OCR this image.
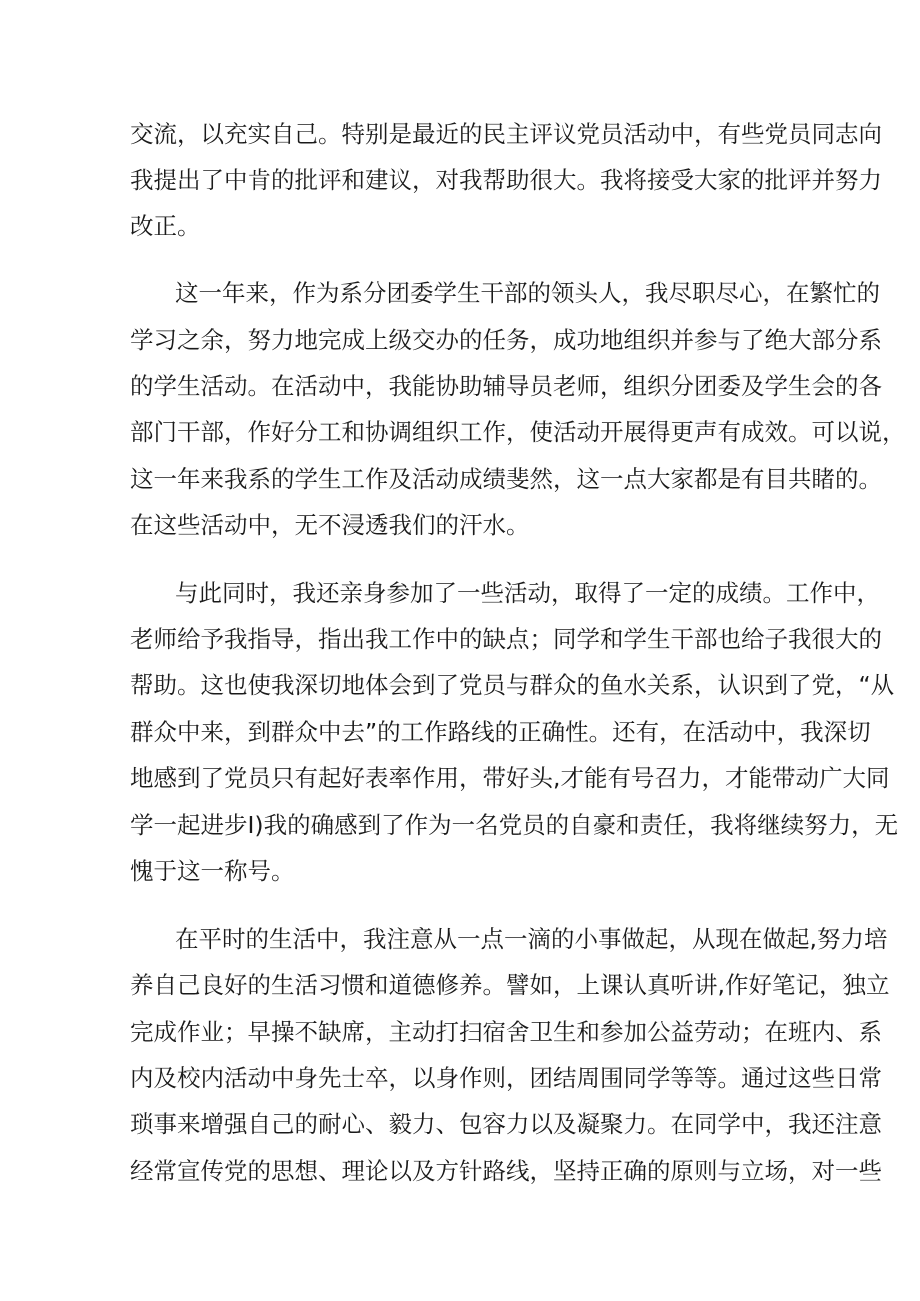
交流，以充实自己。特别是最近的民主评议党员活动中，有些党员同志向
我提出了中肯的批评和建议，对我帮助很大。我将接受大家的批评并努力
改正。
这一年来，作为系分团委学生干部的领头人，我尽职尽心，在繁忙的
学习之余，努力地完成上级交办的任务，成功地组织并参与了绝大部分系
的学生活动。在活动中，我能协助辅导员老师，组织分团委及学生会的各
部门干部，作好分工和协调组织工作，使活动开展得更声有成效。可以说，
这一年来我系的学生工作及活动成绩斐然，这一点大家都是有目共睹的。
在这些活动中，无不浸透我们的汗水。
与此同时，我还亲身参加了一些活动，取得了一定的成绩。工作中，
老师给予我指导，指出我工作中的缺点；同学和学生干部也给子我很大的
帮助。这也使我深切地体会到了党员与群众的鱼水关系，认识到了党，“从
群众中来，到群众中去”的工作路线的正确性。还有，在活动中，我深切
地感到了党员只有起好表率作用，带好头,才能有号召力，才能带动广大同
学一起进步I)我的确感到了作为一名党员的自豪和责任，我将继续努力，无
愧于这一称号。
在平时的生活中，我注意从一点一滴的小事做起，从现在做起,努力培
养自己良好的生活习惯和道德修养。譬如，上课认真听讲,作好笔记，独立
完成作业；早操不缺席，主动打扫宿舍卫生和参加公益劳动；在班内、系
内及校内活动中身先士卒，以身作则，团结周围同学等等。通过这些日常
琐事来增强自己的耐心、毅力、包容力以及凝聚力。在同学中，我还注意
经常宣传党的思想、理论以及方针路线，坚持正确的原则与立场，对一些
